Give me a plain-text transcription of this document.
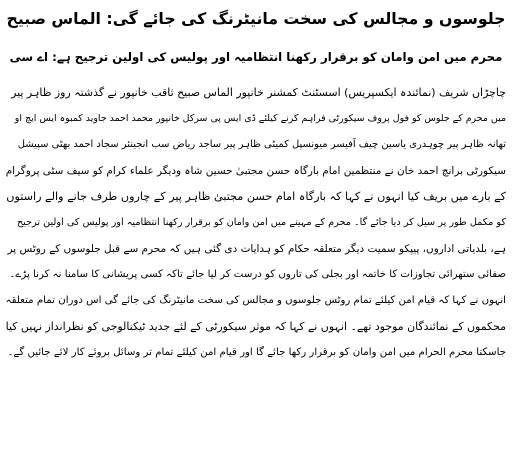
جلوسوں و مجالس کی سخت مانیٹرنگ کی جائے گی: الماس صبیح
محرم میں امن وامان کو برقرار رکھنا انتظامیہ اور پولیس کی اولین ترجیح ہے: اے سی
چاچڑاں شریف (نمائندہ ایکسپریس) اسسٹنٹ کمشنر خانپور الماس صبیح ثاقب خانپور نے گذشتہ روز ظاہر پیر
میں محرم کے جلوس کو فول پروف سیکورٹی فراہم کرنے کیلئے ڈی ایس پی سرکل خانپور محمد احمد جاوید کمبوہ ایس ایچ او
تھانہ ظاہر پیر چوہدری یاسین چیف آفیسر میونسپل کمیٹی ظاہر پیر ساجد ریاض سب انجینئر سجاد احمد بھٹی سپیشل
سیکورٹی برانچ احمد خان نے منتظمین امام بارگاہ حسن مجتبیٰ حسین شاہ ودیگر علماء کرام کو سیف سٹی پروگرام
کے بارے میں بریف کیا انہوں نے کہا کہ بارگاہ امام حسن مجتبیٰ ظاہر پیر کے چاروں طرف جانے والے راستوں
کو مکمل طور پر سیل کر دیا جائے گا۔ محرم کے مہینے میں امن وامان کو برقرار رکھنا انتظامیہ اور پولیس کی اولین ترجیح
ہے، بلدیاتی اداروں، پیپکو سمیت دیگر متعلقہ حکام کو ہدایات دی گئی ہیں کہ محرم سے قبل جلوسوں کے روٹس پر
صفائی ستھرائی تجاوزات کا خاتمہ اور بجلی کی تاروں کو درست کر لیا جائے تاکہ کسی پریشانی کا سامنا نہ کرنا پڑے۔
انہوں نے کہا کہ قیام امن کیلئے تمام روٹس جلوسوں و مجالس کی سخت مانیٹرنگ کی جائے گی اس دوران تمام متعلقہ
محکموں کے نمائندگان موجود تھے۔ انہوں نے کہا کہ موثر سیکورٹی کے لئے جدید ٹیکنالوجی کو نظرانداز نہیں کیا
جاسکتا محرم الحرام میں امن وامان کو برقرار رکھا جائے گا اور قیام امن کیلئے تمام تر وسائل بروئے کار لائے جائیں گے۔
